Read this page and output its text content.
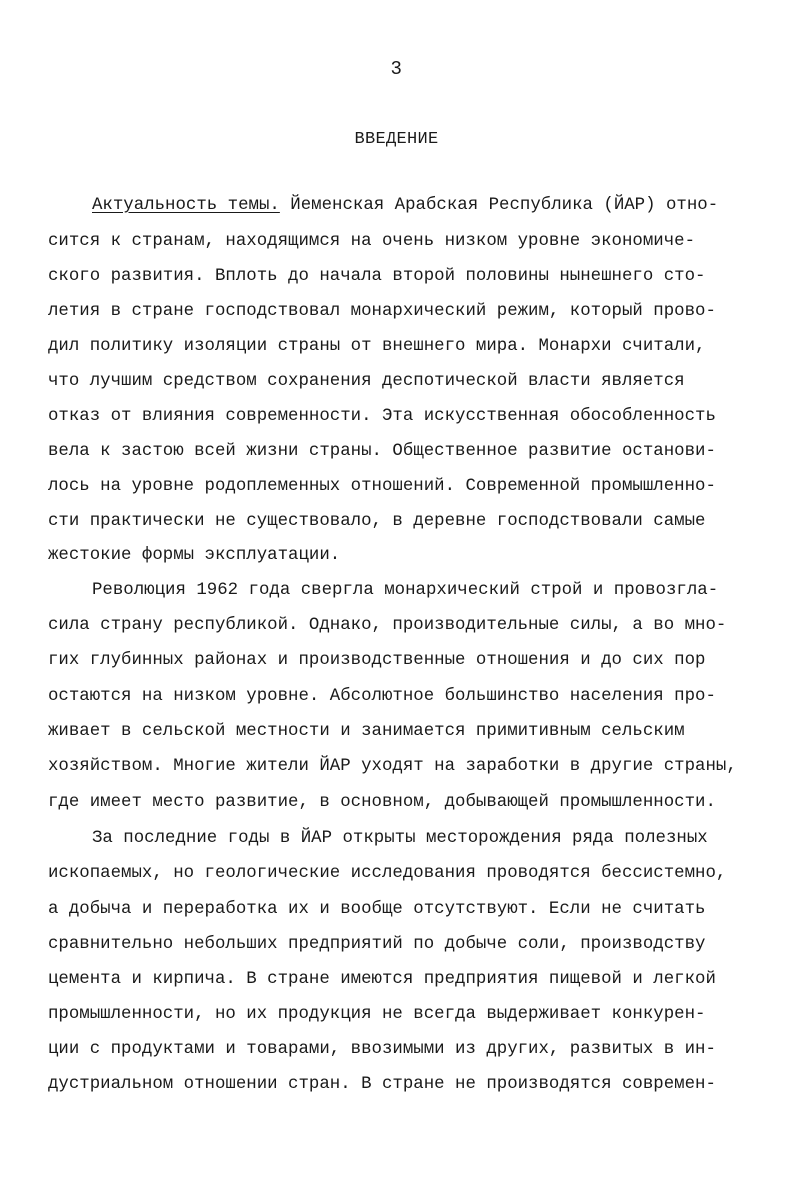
3
ВВЕДЕНИЕ
Актуальность темы. Йеменская Арабская Республика (ЙАР) отно-
сится к странам, находящимся на очень низком уровне экономиче-
ского развития. Вплоть до начала второй половины нынешнего сто-
летия в стране господствовал монархический режим, который прово-
дил политику изоляции страны от внешнего мира. Монархи считали,
что лучшим средством сохранения деспотической власти является
отказ от влияния современности. Эта искусственная обособленность
вела к застою всей жизни страны. Общественное развитие останови-
лось на уровне родоплеменных отношений. Современной промышленно-
сти практически не существовало, в деревне господствовали самые
жестокие формы эксплуатации.
Революция 1962 года свергла монархический строй и провозгла-
сила страну республикой. Однако, производительные силы, а во мно-
гих глубинных районах и производственные отношения и до сих пор
остаются на низком уровне. Абсолютное большинство населения про-
живает в сельской местности и занимается примитивным сельским
хозяйством. Многие жители ЙАР уходят на заработки в другие страны,
где имеет место развитие, в основном, добывающей промышленности.
За последние годы в ЙАР открыты месторождения ряда полезных
ископаемых, но геологические исследования проводятся бессистемно,
а добыча и переработка их и вообще отсутствуют. Если не считать
сравнительно небольших предприятий по добыче соли, производству
цемента и кирпича. В стране имеются предприятия пищевой и легкой
промышленности, но их продукция не всегда выдерживает конкурен-
ции с продуктами и товарами, ввозимыми из других, развитых в ин-
дустриальном отношении стран. В стране не производятся современ-
